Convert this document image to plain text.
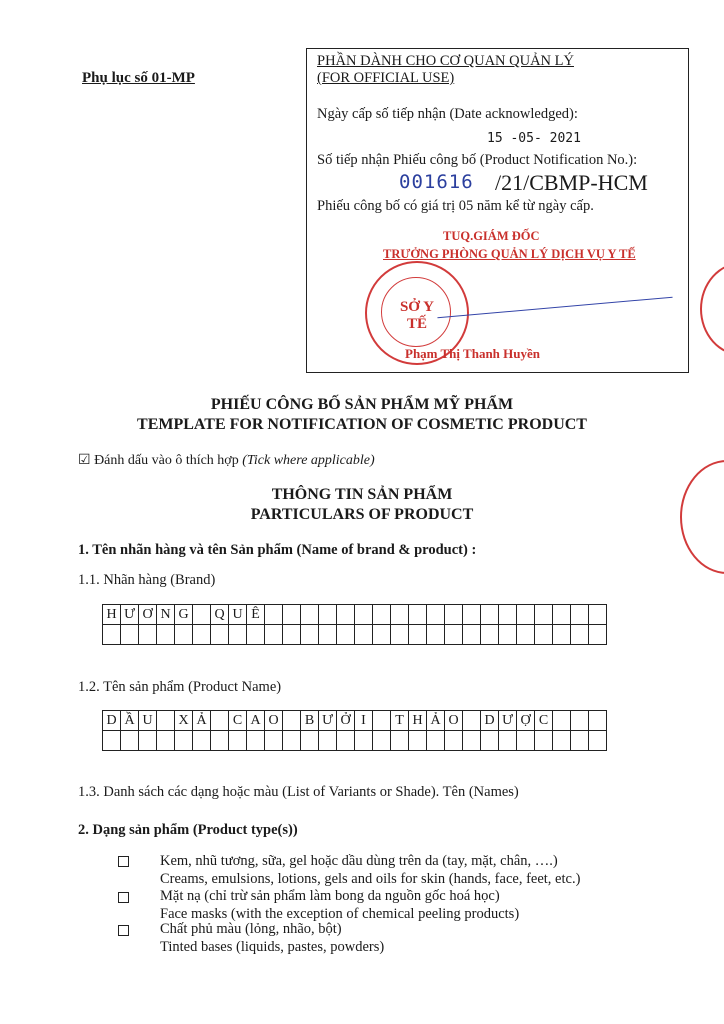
Phụ lục số 01-MP
PHẦN DÀNH CHO CƠ QUAN QUẢN LÝ
(FOR OFFICIAL USE)
Ngày cấp số tiếp nhận (Date acknowledged):
15 -05- 2021
Số tiếp nhận Phiếu công bố (Product Notification No.):
001616 /21/CBMP-HCM
Phiếu công bố có giá trị 05 năm kể từ ngày cấp.
TUQ.GIÁM ĐỐC
TRƯỞNG PHÒNG QUẢN LÝ DỊCH VỤ Y TẾ
SỞ Y TẾ
Phạm Thị Thanh Huyền
PHIẾU CÔNG BỐ SẢN PHẨM MỸ PHẨM
TEMPLATE FOR NOTIFICATION OF COSMETIC PRODUCT
☑ Đánh dấu vào ô thích hợp (Tick where applicable)
THÔNG TIN SẢN PHẨM
PARTICULARS OF PRODUCT
1. Tên nhãn hàng và tên Sản phẩm (Name of brand & product) :
1.1. Nhãn hàng (Brand)
H	Ư	Ơ	N	G		Q	U	Ê																			

1.2. Tên sản phẩm (Product Name)
D	Ầ	U		X	Ả		C	A	O		B	Ư	Ở	I		T	H	Ả	O		D	Ư	Ợ	C			

1.3. Danh sách các dạng hoặc màu (List of Variants or Shade). Tên (Names)
2. Dạng sản phẩm (Product type(s))
Kem, nhũ tương, sữa, gel hoặc dầu dùng trên da (tay, mặt, chân, ….)
Creams, emulsions, lotions, gels and oils for skin (hands, face, feet, etc.)
Mặt nạ (chỉ trừ sản phẩm làm bong da nguồn gốc hoá học)
Face masks (with the exception of chemical peeling products)
Chất phủ màu (lỏng, nhão, bột)
Tinted bases (liquids, pastes, powders)
